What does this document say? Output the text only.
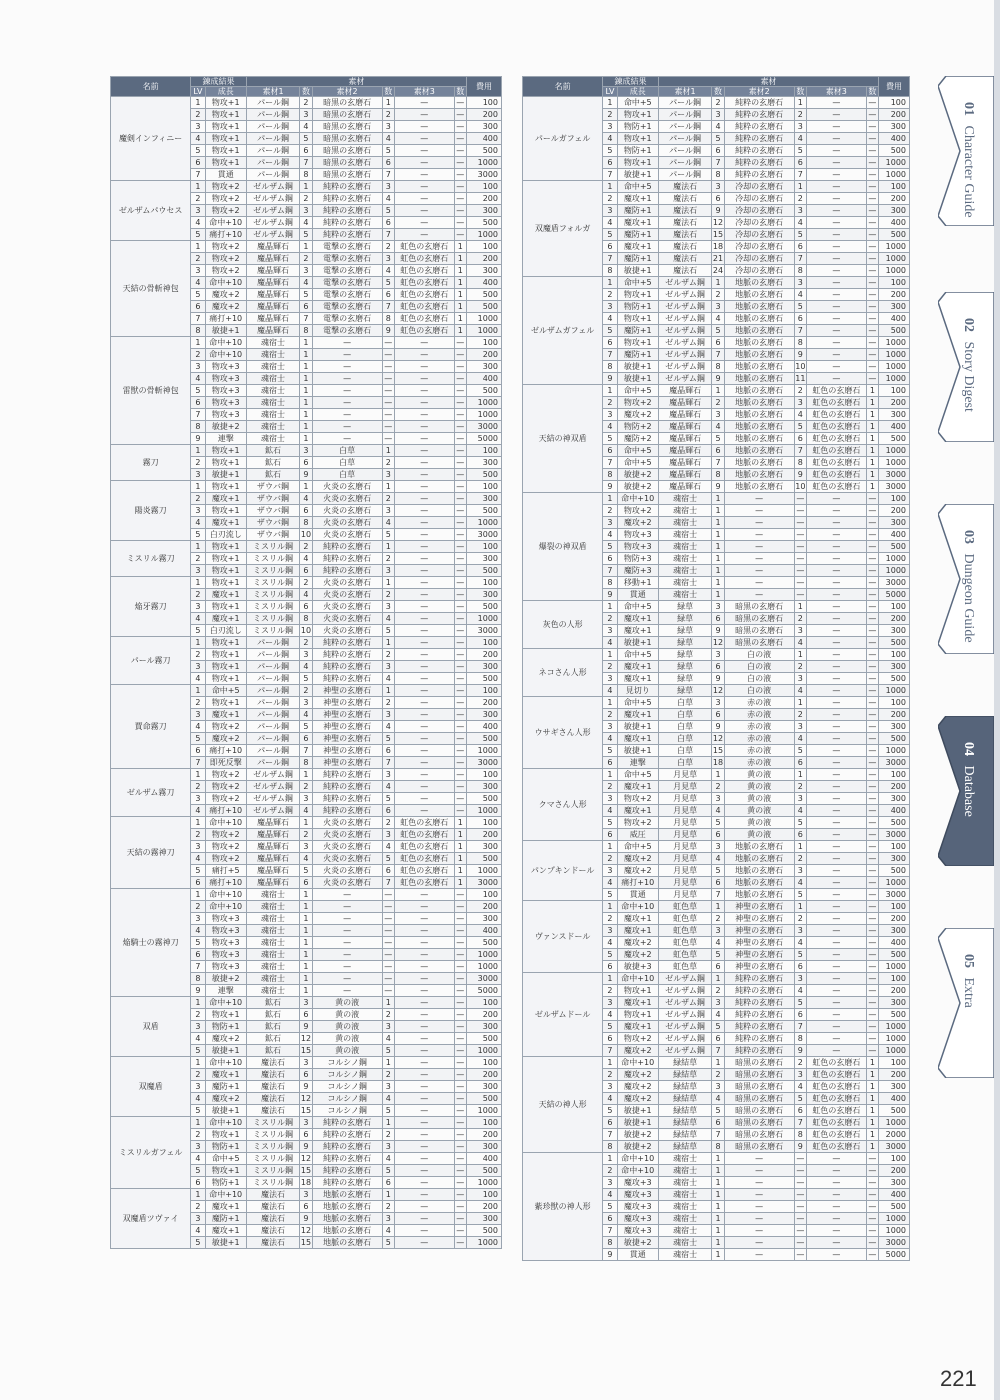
名前	錬成結果		素材						費用
	LV	成長	素材1	数	素材2	数	素材3	数	
魔剣インフィニー	1	物攻+1	パール鋼	2	暗黒の玄磨石	1	—	—	100
	2	物攻+1	パール鋼	3	暗黒の玄磨石	2	—	—	200
	3	物攻+1	パール鋼	4	暗黒の玄磨石	3	—	—	300
	4	物攻+1	パール鋼	5	暗黒の玄磨石	4	—	—	400
	5	物攻+1	パール鋼	6	暗黒の玄磨石	5	—	—	500
	6	物攻+1	パール鋼	7	暗黒の玄磨石	6	—	—	1000
	7	貫通	パール鋼	8	暗黒の玄磨石	7	—	—	3000
ゼルザムパウセス	1	物攻+2	ゼルザム鋼	1	純粋の玄磨石	3	—	—	100
	2	物攻+2	ゼルザム鋼	2	純粋の玄磨石	4	—	—	200
	3	物攻+2	ゼルザム鋼	3	純粋の玄磨石	5	—	—	300
	4	命中+10	ゼルザム鋼	4	純粋の玄磨石	6	—	—	500
	5	痛打+10	ゼルザム鋼	5	純粋の玄磨石	7	—	—	1000
天結の骨斬神包	1	物攻+2	魔晶輝石	1	電撃の玄磨石	2	虹色の玄磨石	1	100
	2	物攻+2	魔晶輝石	2	電撃の玄磨石	3	虹色の玄磨石	1	200
	3	物攻+2	魔晶輝石	3	電撃の玄磨石	4	虹色の玄磨石	1	300
	4	命中+10	魔晶輝石	4	電撃の玄磨石	5	虹色の玄磨石	1	400
	5	魔攻+2	魔晶輝石	5	電撃の玄磨石	6	虹色の玄磨石	1	500
	6	魔攻+2	魔晶輝石	6	電撃の玄磨石	7	虹色の玄磨石	1	500
	7	痛打+10	魔晶輝石	7	電撃の玄磨石	8	虹色の玄磨石	1	1000
	8	敏捷+1	魔晶輝石	8	電撃の玄磨石	9	虹色の玄磨石	1	1000
雷獣の骨斬神包	1	命中+10	魂宿士	1	—	—	—	—	100
	2	命中+10	魂宿士	1	—	—	—	—	200
	3	物攻+3	魂宿士	1	—	—	—	—	300
	4	物攻+3	魂宿士	1	—	—	—	—	400
	5	物攻+3	魂宿士	1	—	—	—	—	500
	6	物攻+3	魂宿士	1	—	—	—	—	1000
	7	物攻+3	魂宿士	1	—	—	—	—	1000
	8	敏捷+2	魂宿士	1	—	—	—	—	3000
	9	連撃	魂宿士	1	—	—	—	—	5000
霧刀	1	物攻+1	鉱石	3	白草	1	—	—	100
	2	物攻+1	鉱石	6	白草	2	—	—	300
	3	敏捷+1	鉱石	9	白草	3	—	—	500
陽炎霧刀	1	物攻+1	ザウバ鋼	1	火炎の玄磨石	1	—	—	100
	2	魔攻+1	ザウバ鋼	4	火炎の玄磨石	2	—	—	300
	3	物攻+1	ザウバ鋼	6	火炎の玄磨石	3	—	—	500
	4	魔攻+1	ザウバ鋼	8	火炎の玄磨石	4	—	—	1000
	5	白刃流し	ザウバ鋼	10	火炎の玄磨石	5	—	—	3000
ミスリル霧刀	1	物攻+1	ミスリル鋼	2	純粋の玄磨石	1	—	—	100
	2	物攻+1	ミスリル鋼	4	純粋の玄磨石	2	—	—	300
	3	物攻+1	ミスリル鋼	6	純粋の玄磨石	3	—	—	500
焔牙霧刀	1	物攻+1	ミスリル鋼	2	火炎の玄磨石	1	—	—	100
	2	魔攻+1	ミスリル鋼	4	火炎の玄磨石	2	—	—	300
	3	物攻+1	ミスリル鋼	6	火炎の玄磨石	3	—	—	500
	4	魔攻+1	ミスリル鋼	8	火炎の玄磨石	4	—	—	1000
	5	白刃流し	ミスリル鋼	10	火炎の玄磨石	5	—	—	3000
パール霧刀	1	物攻+1	パール鋼	2	純粋の玄磨石	1	—	—	100
	2	物攻+1	パール鋼	3	純粋の玄磨石	2	—	—	200
	3	物攻+1	パール鋼	4	純粋の玄磨石	3	—	—	300
	4	物攻+1	パール鋼	5	純粋の玄磨石	4	—	—	500
賈命霧刀	1	命中+5	パール鋼	2	神聖の玄磨石	1	—	—	100
	2	物攻+1	パール鋼	3	神聖の玄磨石	2	—	—	200
	3	魔攻+1	パール鋼	4	神聖の玄磨石	3	—	—	300
	4	物攻+2	パール鋼	5	神聖の玄磨石	4	—	—	400
	5	魔攻+2	パール鋼	6	神聖の玄磨石	5	—	—	500
	6	痛打+10	パール鋼	7	神聖の玄磨石	6	—	—	1000
	7	即死反撃	パール鋼	8	神聖の玄磨石	7	—	—	3000
ゼルザム霧刀	1	物攻+2	ゼルザム鋼	1	純粋の玄磨石	3	—	—	100
	2	物攻+2	ゼルザム鋼	2	純粋の玄磨石	4	—	—	300
	3	物攻+2	ゼルザム鋼	3	純粋の玄磨石	5	—	—	500
	4	痛打+10	ゼルザム鋼	4	純粋の玄磨石	6	—	—	1000
天結の霧神刀	1	命中+10	魔晶輝石	1	火炎の玄磨石	2	虹色の玄磨石	1	100
	2	物攻+2	魔晶輝石	2	火炎の玄磨石	3	虹色の玄磨石	1	200
	3	物攻+2	魔晶輝石	3	火炎の玄磨石	4	虹色の玄磨石	1	300
	4	物攻+2	魔晶輝石	4	火炎の玄磨石	5	虹色の玄磨石	1	500
	5	痛打+5	魔晶輝石	5	火炎の玄磨石	6	虹色の玄磨石	1	1000
	6	痛打+10	魔晶輝石	6	火炎の玄磨石	7	虹色の玄磨石	1	3000
焔騎士の霧神刀	1	命中+10	魂宿士	1	—	—	—	—	100
	2	命中+10	魂宿士	1	—	—	—	—	200
	3	物攻+3	魂宿士	1	—	—	—	—	300
	4	物攻+3	魂宿士	1	—	—	—	—	400
	5	物攻+3	魂宿士	1	—	—	—	—	500
	6	物攻+3	魂宿士	1	—	—	—	—	1000
	7	物攻+3	魂宿士	1	—	—	—	—	1000
	8	敏捷+2	魂宿士	1	—	—	—	—	3000
	9	連撃	魂宿士	1	—	—	—	—	5000
双盾	1	命中+10	鉱石	3	黄の液	1	—	—	100
	2	物攻+1	鉱石	6	黄の液	2	—	—	200
	3	物防+1	鉱石	9	黄の液	3	—	—	300
	4	魔攻+2	鉱石	12	黄の液	4	—	—	500
	5	敏捷+1	鉱石	15	黄の液	5	—	—	1000
双魔盾	1	命中+10	魔法石	3	コルシノ鋼	1	—	—	100
	2	魔攻+1	魔法石	6	コルシノ鋼	2	—	—	200
	3	魔防+1	魔法石	9	コルシノ鋼	3	—	—	300
	4	魔攻+2	魔法石	12	コルシノ鋼	4	—	—	500
	5	敏捷+1	魔法石	15	コルシノ鋼	5	—	—	1000
ミスリルガフェル	1	命中+10	ミスリル鋼	3	純粋の玄磨石	1	—	—	100
	2	物攻+1	ミスリル鋼	6	純粋の玄磨石	2	—	—	200
	3	物防+1	ミスリル鋼	9	純粋の玄磨石	3	—	—	300
	4	命中+5	ミスリル鋼	12	純粋の玄磨石	4	—	—	400
	5	物攻+1	ミスリル鋼	15	純粋の玄磨石	5	—	—	500
	6	物防+1	ミスリル鋼	18	純粋の玄磨石	6	—	—	1000
双魔盾ツヴァイ	1	命中+10	魔法石	3	地脈の玄磨石	1	—	—	100
	2	魔攻+1	魔法石	6	地脈の玄磨石	2	—	—	200
	3	魔防+1	魔法石	9	地脈の玄磨石	3	—	—	300
	4	魔攻+1	魔法石	12	地脈の玄磨石	4	—	—	500
	5	敏捷+1	魔法石	15	地脈の玄磨石	5	—	—	1000
名前	錬成結果		素材						費用
	LV	成長	素材1	数	素材2	数	素材3	数	
パールガフェル	1	命中+5	パール鋼	2	純粋の玄磨石	1	—	—	100
	2	物攻+1	パール鋼	3	純粋の玄磨石	2	—	—	200
	3	物防+1	パール鋼	4	純粋の玄磨石	3	—	—	300
	4	物攻+1	パール鋼	5	純粋の玄磨石	4	—	—	400
	5	物防+1	パール鋼	6	純粋の玄磨石	5	—	—	500
	6	物攻+1	パール鋼	7	純粋の玄磨石	6	—	—	1000
	7	敏捷+1	パール鋼	8	純粋の玄磨石	7	—	—	1000
双魔盾フォルガ	1	命中+5	魔法石	3	冷却の玄磨石	1	—	—	100
	2	魔攻+1	魔法石	6	冷却の玄磨石	2	—	—	200
	3	魔防+1	魔法石	9	冷却の玄磨石	3	—	—	300
	4	魔攻+1	魔法石	12	冷却の玄磨石	4	—	—	400
	5	魔防+1	魔法石	15	冷却の玄磨石	5	—	—	500
	6	魔攻+1	魔法石	18	冷却の玄磨石	6	—	—	1000
	7	魔防+1	魔法石	21	冷却の玄磨石	7	—	—	1000
	8	敏捷+1	魔法石	24	冷却の玄磨石	8	—	—	1000
ゼルザムガフェル	1	命中+5	ゼルザム鋼	1	地脈の玄磨石	3	—	—	100
	2	物攻+1	ゼルザム鋼	2	地脈の玄磨石	4	—	—	200
	3	物防+1	ゼルザム鋼	3	地脈の玄磨石	5	—	—	300
	4	物攻+1	ゼルザム鋼	4	地脈の玄磨石	6	—	—	400
	5	魔防+1	ゼルザム鋼	5	地脈の玄磨石	7	—	—	500
	6	物攻+1	ゼルザム鋼	6	地脈の玄磨石	8	—	—	1000
	7	魔防+1	ゼルザム鋼	7	地脈の玄磨石	9	—	—	1000
	8	敏捷+1	ゼルザム鋼	8	地脈の玄磨石	10	—	—	1000
	9	敏捷+1	ゼルザム鋼	9	地脈の玄磨石	11	—	—	1000
天結の神双盾	1	命中+5	魔晶輝石	1	地脈の玄磨石	2	虹色の玄磨石	1	100
	2	物攻+2	魔晶輝石	2	地脈の玄磨石	3	虹色の玄磨石	1	200
	3	魔攻+2	魔晶輝石	3	地脈の玄磨石	4	虹色の玄磨石	1	300
	4	物防+2	魔晶輝石	4	地脈の玄磨石	5	虹色の玄磨石	1	400
	5	魔防+2	魔晶輝石	5	地脈の玄磨石	6	虹色の玄磨石	1	500
	6	命中+5	魔晶輝石	6	地脈の玄磨石	7	虹色の玄磨石	1	1000
	7	命中+5	魔晶輝石	7	地脈の玄磨石	8	虹色の玄磨石	1	1000
	8	敏捷+2	魔晶輝石	8	地脈の玄磨石	9	虹色の玄磨石	1	3000
	9	敏捷+2	魔晶輝石	9	地脈の玄磨石	10	虹色の玄磨石	1	3000
爆裂の神双盾	1	命中+10	魂宿士	1	—	—	—	—	100
	2	物攻+2	魂宿士	1	—	—	—	—	200
	3	魔攻+2	魂宿士	1	—	—	—	—	300
	4	物攻+3	魂宿士	1	—	—	—	—	400
	5	物攻+3	魂宿士	1	—	—	—	—	500
	6	物防+3	魂宿士	1	—	—	—	—	1000
	7	魔防+3	魂宿士	1	—	—	—	—	1000
	8	移動+1	魂宿士	1	—	—	—	—	3000
	9	貫通	魂宿士	1	—	—	—	—	5000
灰色の人形	1	命中+5	緑草	3	暗黒の玄磨石	1	—	—	100
	2	魔攻+1	緑草	6	暗黒の玄磨石	2	—	—	200
	3	魔攻+1	緑草	9	暗黒の玄磨石	3	—	—	300
	4	敏捷+1	緑草	12	暗黒の玄磨石	4	—	—	500
ネコさん人形	1	命中+5	緑草	3	白の液	1	—	—	100
	2	魔攻+1	緑草	6	白の液	2	—	—	300
	3	魔攻+1	緑草	9	白の液	3	—	—	500
	4	見切り	緑草	12	白の液	4	—	—	1000
ウサギさん人形	1	命中+5	白草	3	赤の液	1	—	—	100
	2	魔攻+1	白草	6	赤の液	2	—	—	200
	3	敏捷+1	白草	9	赤の液	3	—	—	300
	4	魔攻+1	白草	12	赤の液	4	—	—	500
	5	敏捷+1	白草	15	赤の液	5	—	—	1000
	6	連撃	白草	18	赤の液	6	—	—	3000
クマさん人形	1	命中+5	月見草	1	黄の液	1	—	—	100
	2	魔攻+1	月見草	2	黄の液	2	—	—	200
	3	物攻+2	月見草	3	黄の液	3	—	—	300
	4	魔攻+1	月見草	4	黄の液	4	—	—	400
	5	物攻+2	月見草	5	黄の液	5	—	—	500
	6	威圧	月見草	6	黄の液	6	—	—	3000
パンプキンドール	1	命中+5	月見草	3	地脈の玄磨石	1	—	—	100
	2	魔攻+2	月見草	4	地脈の玄磨石	2	—	—	300
	3	魔攻+2	月見草	5	地脈の玄磨石	3	—	—	500
	4	痛打+10	月見草	6	地脈の玄磨石	4	—	—	1000
	5	貫通	月見草	7	地脈の玄磨石	5	—	—	3000
ヴァンスドール	1	命中+10	虹色草	1	神聖の玄磨石	1	—	—	100
	2	魔攻+1	虹色草	2	神聖の玄磨石	2	—	—	200
	3	魔攻+1	虹色草	3	神聖の玄磨石	3	—	—	300
	4	魔攻+2	虹色草	4	神聖の玄磨石	4	—	—	400
	5	魔攻+2	虹色草	5	神聖の玄磨石	5	—	—	500
	6	敏捷+3	虹色草	6	神聖の玄磨石	6	—	—	1000
ゼルザムドール	1	命中+10	ゼルザム鋼	1	純粋の玄磨石	3	—	—	100
	2	物攻+1	ゼルザム鋼	2	純粋の玄磨石	4	—	—	200
	3	魔攻+1	ゼルザム鋼	3	純粋の玄磨石	5	—	—	300
	4	物攻+1	ゼルザム鋼	4	純粋の玄磨石	6	—	—	500
	5	魔攻+1	ゼルザム鋼	5	純粋の玄磨石	7	—	—	1000
	6	物攻+2	ゼルザム鋼	6	純粋の玄磨石	8	—	—	1000
	7	魔攻+2	ゼルザム鋼	7	純粋の玄磨石	9	—	—	1000
天結の神人形	1	命中+10	緑結草	1	暗黒の玄磨石	2	虹色の玄磨石	1	100
	2	魔攻+2	緑結草	2	暗黒の玄磨石	3	虹色の玄磨石	1	200
	3	魔攻+2	緑結草	3	暗黒の玄磨石	4	虹色の玄磨石	1	300
	4	魔攻+2	緑結草	4	暗黒の玄磨石	5	虹色の玄磨石	1	400
	5	敏捷+1	緑結草	5	暗黒の玄磨石	6	虹色の玄磨石	1	500
	6	敏捷+1	緑結草	6	暗黒の玄磨石	7	虹色の玄磨石	1	1000
	7	敏捷+2	緑結草	7	暗黒の玄磨石	8	虹色の玄磨石	1	2000
	8	敏捷+2	緑結草	8	暗黒の玄磨石	9	虹色の玄磨石	1	3000
紫珍獣の神人形	1	命中+10	魂宿士	1	—	—	—	—	100
	2	命中+10	魂宿士	1	—	—	—	—	200
	3	魔攻+3	魂宿士	1	—	—	—	—	300
	4	魔攻+3	魂宿士	1	—	—	—	—	400
	5	魔攻+3	魂宿士	1	—	—	—	—	500
	6	魔攻+3	魂宿士	1	—	—	—	—	1000
	7	魔攻+3	魂宿士	1	—	—	—	—	1000
	8	敏捷+2	魂宿士	1	—	—	—	—	3000
	9	貫通	魂宿士	1	—	—	—	—	5000
01 Character Guide
02 Story Digest
03 Dungeon Guide
04 Database
05 Extra
221
